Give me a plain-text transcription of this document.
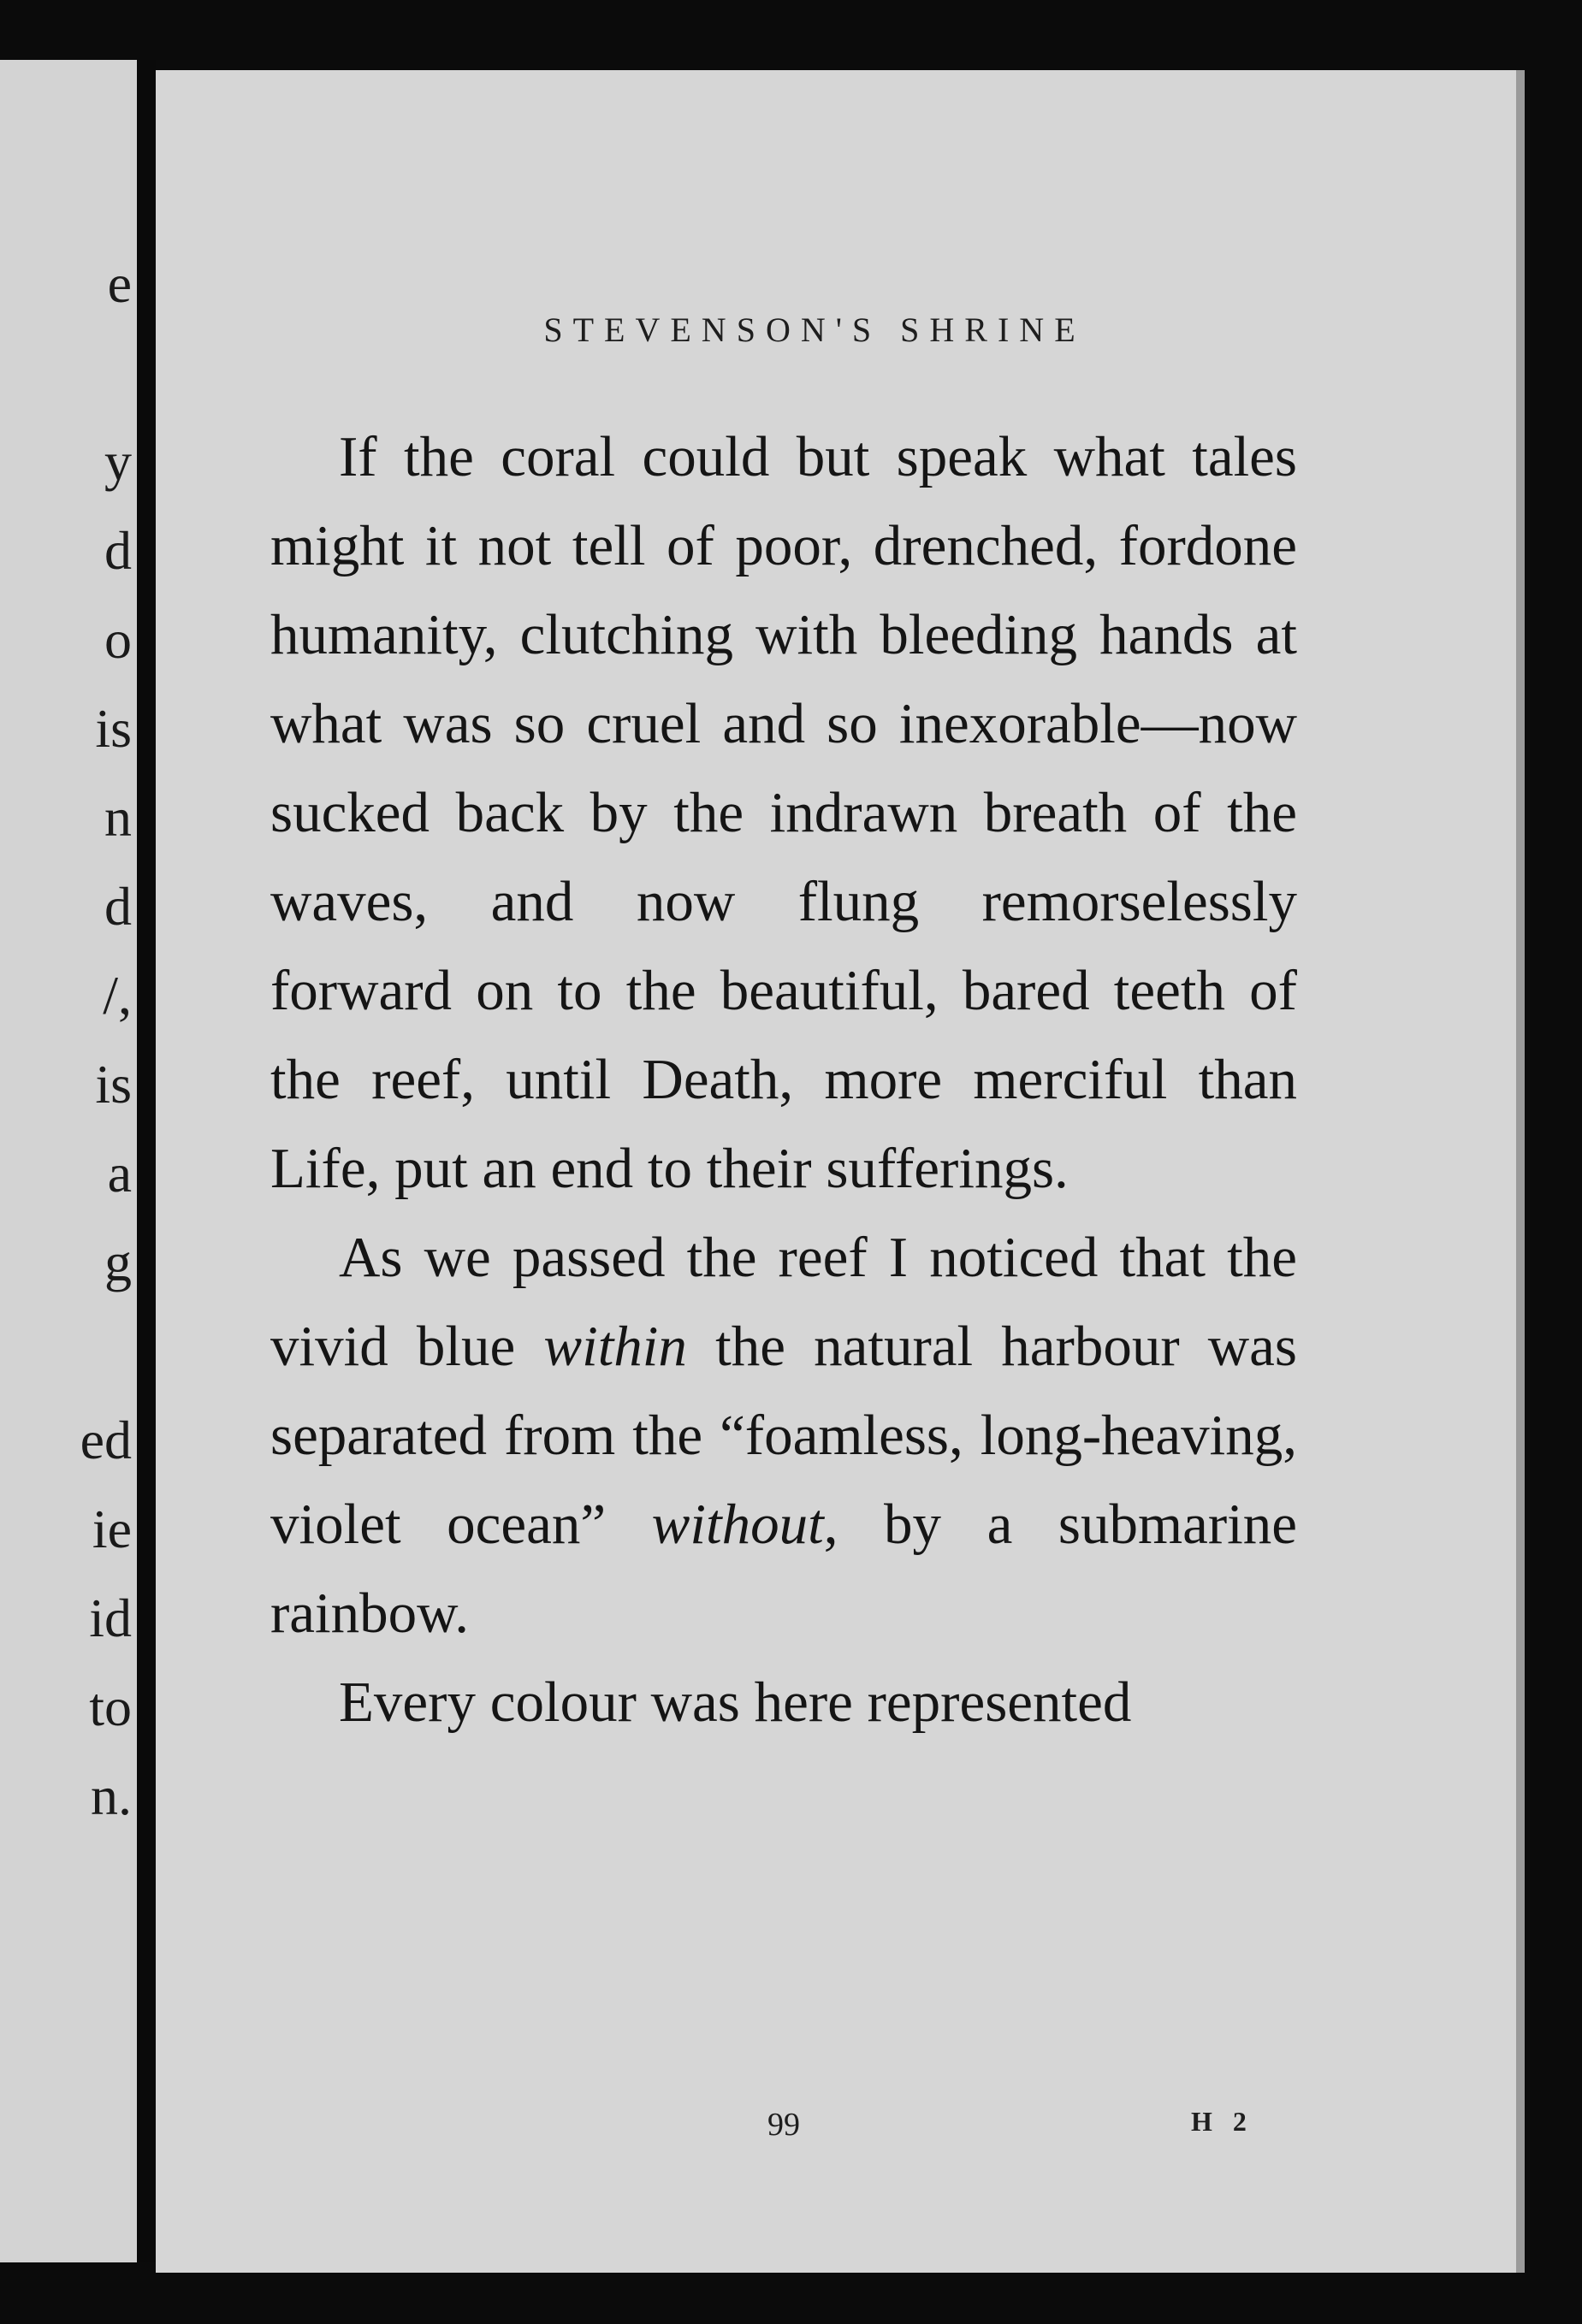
e
y
d
o
is
n
d
/,
is
a
g
ed
ie
id
to
n.
STEVENSON'S SHRINE

If the coral could but speak what tales might it not tell of poor, drenched, fordone humanity, clutching with bleeding hands at what was so cruel and so inexorable—now sucked back by the indrawn breath of the waves, and now flung remorselessly forward on to the beautiful, bared teeth of the reef, until Death, more merciful than Life, put an end to their sufferings.

As we passed the reef I noticed that the vivid blue within the natural harbour was separated from the “foamless, long-heaving, violet ocean” without, by a submarine rainbow.

Every colour was here represented

99	H 2
